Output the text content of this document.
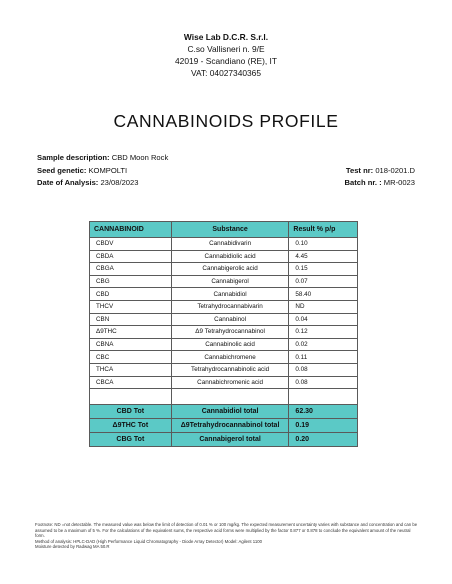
Wise Lab D.C.R. S.r.l.
C.so Vallisneri n. 9/E
42019 - Scandiano (RE), IT
VAT: 04027340365
CANNABINOIDS PROFILE
Sample description: CBD Moon Rock
Seed genetic: KOMPOLTI	Test nr: 018-0201.D
Date of Analysis: 23/08/2023	Batch nr. : MR-0023
CANNABINOID	Substance	Result % p/p
CBDV	Cannabidivarin	0.10
CBDA	Cannabidiolic acid	4.45
CBGA	Cannabigerolic acid	0.15
CBG	Cannabigerol	0.07
CBD	Cannabidiol	58.40
THCV	Tetrahydrocannabivarin	ND
CBN	Cannabinol	0.04
Δ9THC	Δ9 Tetrahydrocannabinol	0.12
CBNA	Cannabinolic acid	0.02
CBC	Cannabichromene	0.11
THCA	Tetrahydrocannabinolic acid	0.08
CBCA	Cannabichromenic acid	0.08

CBD Tot	Cannabidiol total	62.30
Δ9THC Tot	Δ9Tetrahydrocannabinol total	0.19
CBG Tot	Cannabigerol total	0.20
Footnote: ND =not detectable. The measured value was below the limit of detection of 0.01 % or 100 mg/kg. The expected measurement uncertainty varies with substance and concentration and can be assumed to be a maximum of 5 %. For the calculations of the equivalent sums, the respective acid forms were multiplied by the factor 0.877 or 0.878 to conclude the equivalent amount of the neutral form.
Method of analysis: HPLC-DAD (High Performance Liquid Chromatography - Diode Array Detector) Model: Agilent 1100
Moisture detected by Radwag MA 50.R
